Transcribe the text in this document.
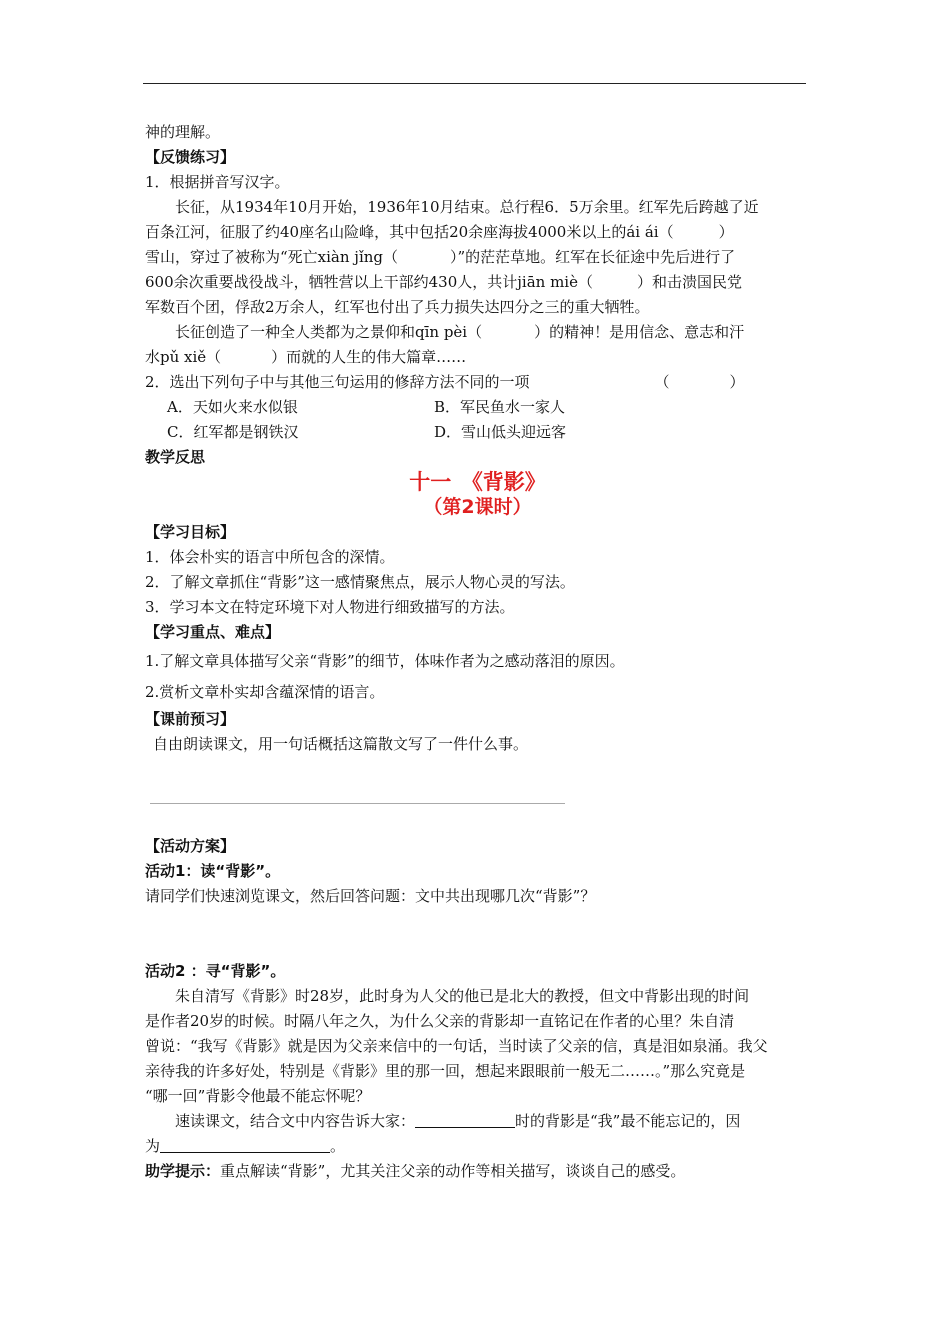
神的理解。
【反馈练习】
1．根据拼音写汉字。
长征，从1934年10月开始，1936年10月结束。总行程6．5万余里。红军先后跨越了近
百条江河，征服了约40座名山险峰，其中包括20余座海拔4000米以上的ái ái（	）
雪山，穿过了被称为“死亡xiàn jǐng（	）”的茫茫草地。红军在长征途中先后进行了
600余次重要战役战斗，牺牲营以上干部约430人，共计jiān miè（	）和击溃国民党
军数百个团，俘敌2万余人，红军也付出了兵力损失达四分之三的重大牺牲。
长征创造了一种全人类都为之景仰和qīn pèi（	）的精神！是用信念、意志和汗
水pǔ xiě（	）而就的人生的伟大篇章……
2．选出下列句子中与其他三句运用的修辞方法不同的一项	（　　　　）
A．天如火来水似银	B．军民鱼水一家人
C．红军都是钢铁汉	D．雪山低头迎远客
教学反思
十一　《背影》
（第2课时）
【学习目标】
1．体会朴实的语言中所包含的深情。
2．了解文章抓住“背影”这一感情聚焦点，展示人物心灵的写法。
3．学习本文在特定环境下对人物进行细致描写的方法。
【学习重点、难点】
1.了解文章具体描写父亲“背影”的细节，体味作者为之感动落泪的原因。
2.赏析文章朴实却含蕴深情的语言。
【课前预习】
自由朗读课文，用一句话概括这篇散文写了一件什么事。
【活动方案】
活动1：读“背影”。
请同学们快速浏览课文，然后回答问题：文中共出现哪几次“背影”？
活动2 ：寻“背影”。
朱自清写《背影》时28岁，此时身为人父的他已是北大的教授，但文中背影出现的时间
是作者20岁的时候。时隔八年之久，为什么父亲的背影却一直铭记在作者的心里？朱自清
曾说：“我写《背影》就是因为父亲来信中的一句话，当时读了父亲的信，真是泪如泉涌。我父
亲待我的许多好处，特别是《背影》里的那一回，想起来跟眼前一般无二……。”那么究竟是
“哪一回”背影令他最不能忘怀呢？
速读课文，结合文中内容告诉大家：	时的背影是“我”最不能忘记的，因
为	。
助学提示：重点解读“背影”，尤其关注父亲的动作等相关描写，谈谈自己的感受。
